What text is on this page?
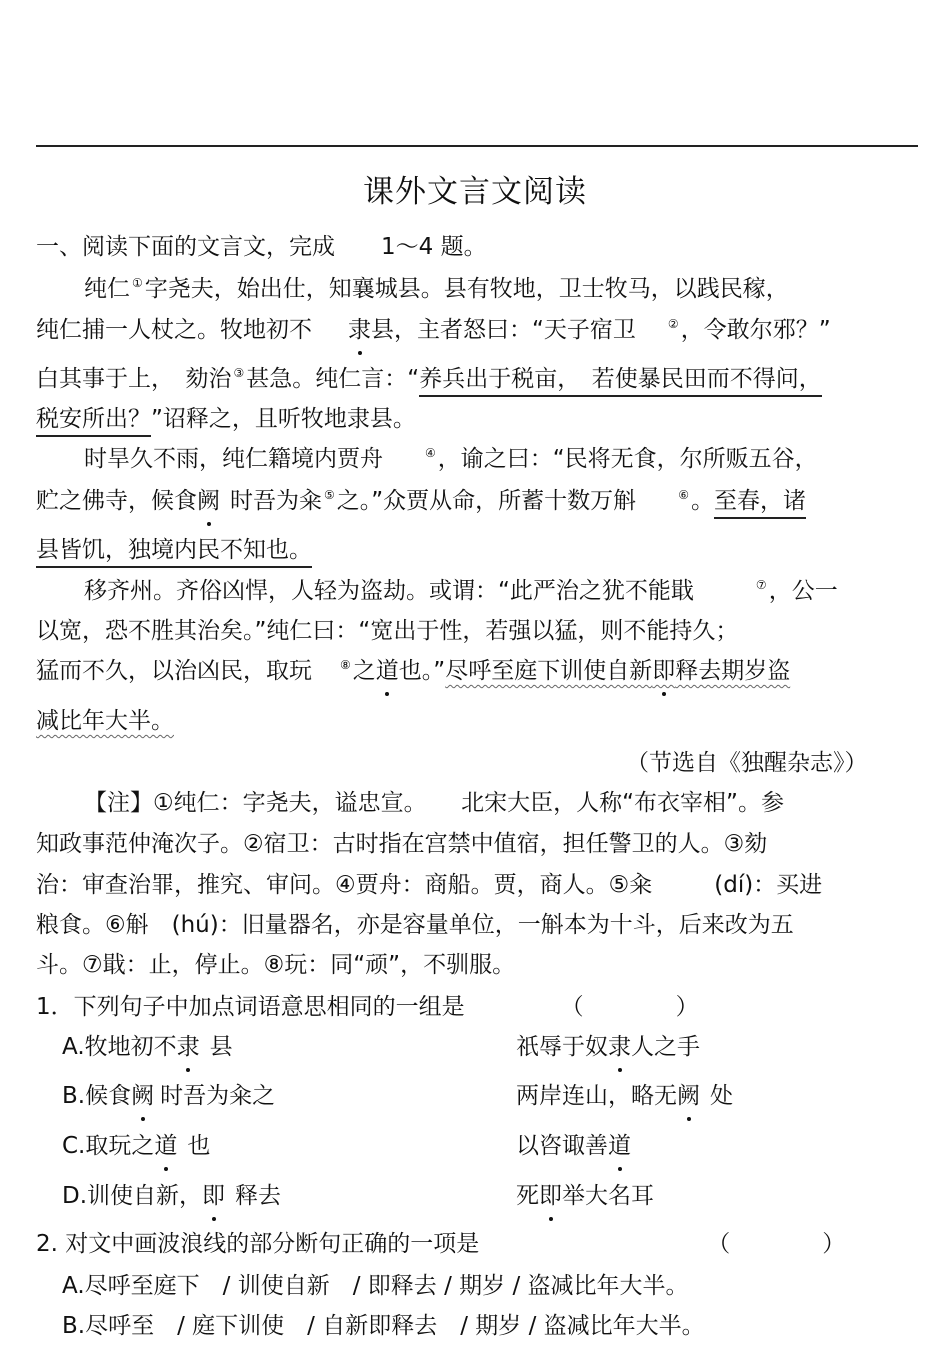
课外文言文阅读
一、阅读下面的文言文，完成　　1～4 题。
纯仁 ①字尧夫，始出仕，知襄城县。县有牧地，卫士牧马，以践民稼，
纯仁捕一人杖之。牧地初不 隶县，主者怒曰：“天子宿卫	②，令敢尔邪？”
白其事于上，　劾治 ③甚急。纯仁言：“养兵出于税亩，　若使暴民田而不得问，
税安所出？”诏释之，且听牧地隶县。
时旱久不雨，纯仁籍境内贾舟	④，谕之曰：“民将无食，尔所贩五谷，
贮之佛寺，候食阙 时吾为籴 ⑤之。”众贾从命，所蓄十数万斛	⑥。至春，诸
县皆饥，独境内民不知也。
移齐州。齐俗凶悍，人轻为盗劫。或谓：“此严治之犹不能戢	⑦，公一
以宽，恐不胜其治矣。”纯仁曰：“宽出于性，若强以猛，则不能持久；
猛而不久，以治凶民，取玩 ⑧之道也。”尽呼至庭下训使自新即释去期岁盗
减比年大半。
（节选自《独醒杂志》）
【注】①纯仁：字尧夫，谥忠宣。　　北宋大臣，人称“布衣宰相”。参
知政事范仲淹次子。②宿卫：古时指在宫禁中值宿，担任警卫的人。③劾
治：审查治罪，推究、审问。④贾舟：商船。贾，商人。⑤籴	(dí)：买进
粮食。⑥斛　(hú)：旧量器名，亦是容量单位，一斛本为十斗，后来改为五
斗。⑦戢：止，停止。⑧玩：同“顽”，不驯服。
1．下列句子中加点词语意思相同的一组是	（　　　　）
A.牧地初不隶 县	祇辱于奴隶人之手
B.候食阙 时吾为籴之	两岸连山，略无阙 处
C.取玩之道 也	以咨诹善道
D.训使自新，即 释去	死即举大名耳
2. 对文中画波浪线的部分断句正确的一项是	（　　　　）
A.尽呼至庭下　/ 训使自新　/ 即释去 / 期岁 / 盗减比年大半。
B.尽呼至　/ 庭下训使　/ 自新即释去　/ 期岁 / 盗减比年大半。
